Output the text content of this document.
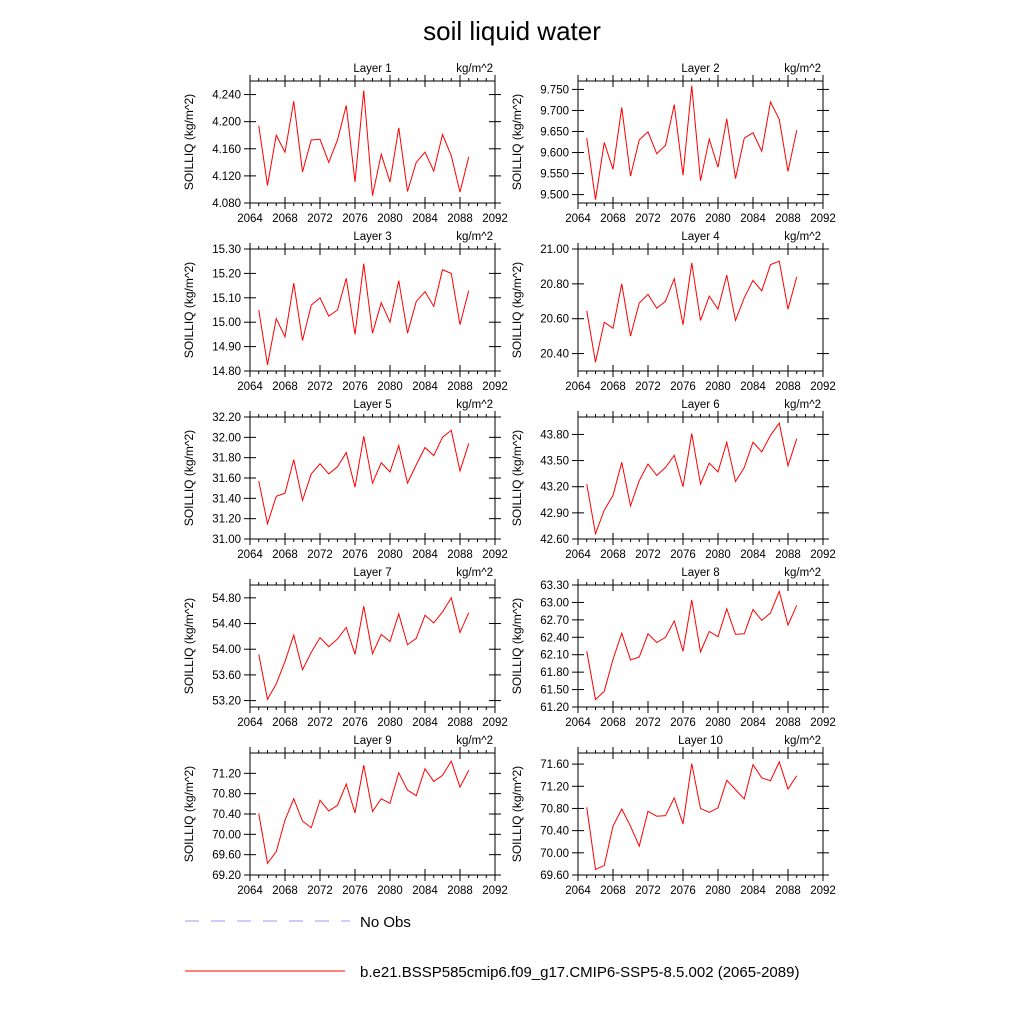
soil liquid water
Layer 1	kg/m^2
SOILLIQ (kg/m^2)
2064 2068 2072 2076 2080 2084 2088 2092
4.080
4.120
4.160
4.200
4.240
Layer 2	kg/m^2
SOILLIQ (kg/m^2)
2064 2068 2072 2076 2080 2084 2088 2092
9.500
9.550
9.600
9.650
9.700
9.750
Layer 3	kg/m^2
SOILLIQ (kg/m^2)
2064 2068 2072 2076 2080 2084 2088 2092
14.80
14.90
15.00
15.10
15.20
15.30
Layer 4	kg/m^2
SOILLIQ (kg/m^2)
2064 2068 2072 2076 2080 2084 2088 2092
20.40
20.60
20.80
21.00
Layer 5	kg/m^2
SOILLIQ (kg/m^2)
2064 2068 2072 2076 2080 2084 2088 2092
31.00
31.20
31.40
31.60
31.80
32.00
32.20
Layer 6	kg/m^2
SOILLIQ (kg/m^2)
2064 2068 2072 2076 2080 2084 2088 2092
42.60
42.90
43.20
43.50
43.80
Layer 7	kg/m^2
SOILLIQ (kg/m^2)
2064 2068 2072 2076 2080 2084 2088 2092
53.20
53.60
54.00
54.40
54.80
Layer 8	kg/m^2
SOILLIQ (kg/m^2)
2064 2068 2072 2076 2080 2084 2088 2092
61.20
61.50
61.80
62.10
62.40
62.70
63.00
63.30
Layer 9	kg/m^2
SOILLIQ (kg/m^2)
2064 2068 2072 2076 2080 2084 2088 2092
69.20
69.60
70.00
70.40
70.80
71.20
Layer 10	kg/m^2
SOILLIQ (kg/m^2)
2064 2068 2072 2076 2080 2084 2088 2092
69.60
70.00
70.40
70.80
71.20
71.60
No Obs
b.e21.BSSP585cmip6.f09_g17.CMIP6-SSP5-8.5.002 (2065-2089)
